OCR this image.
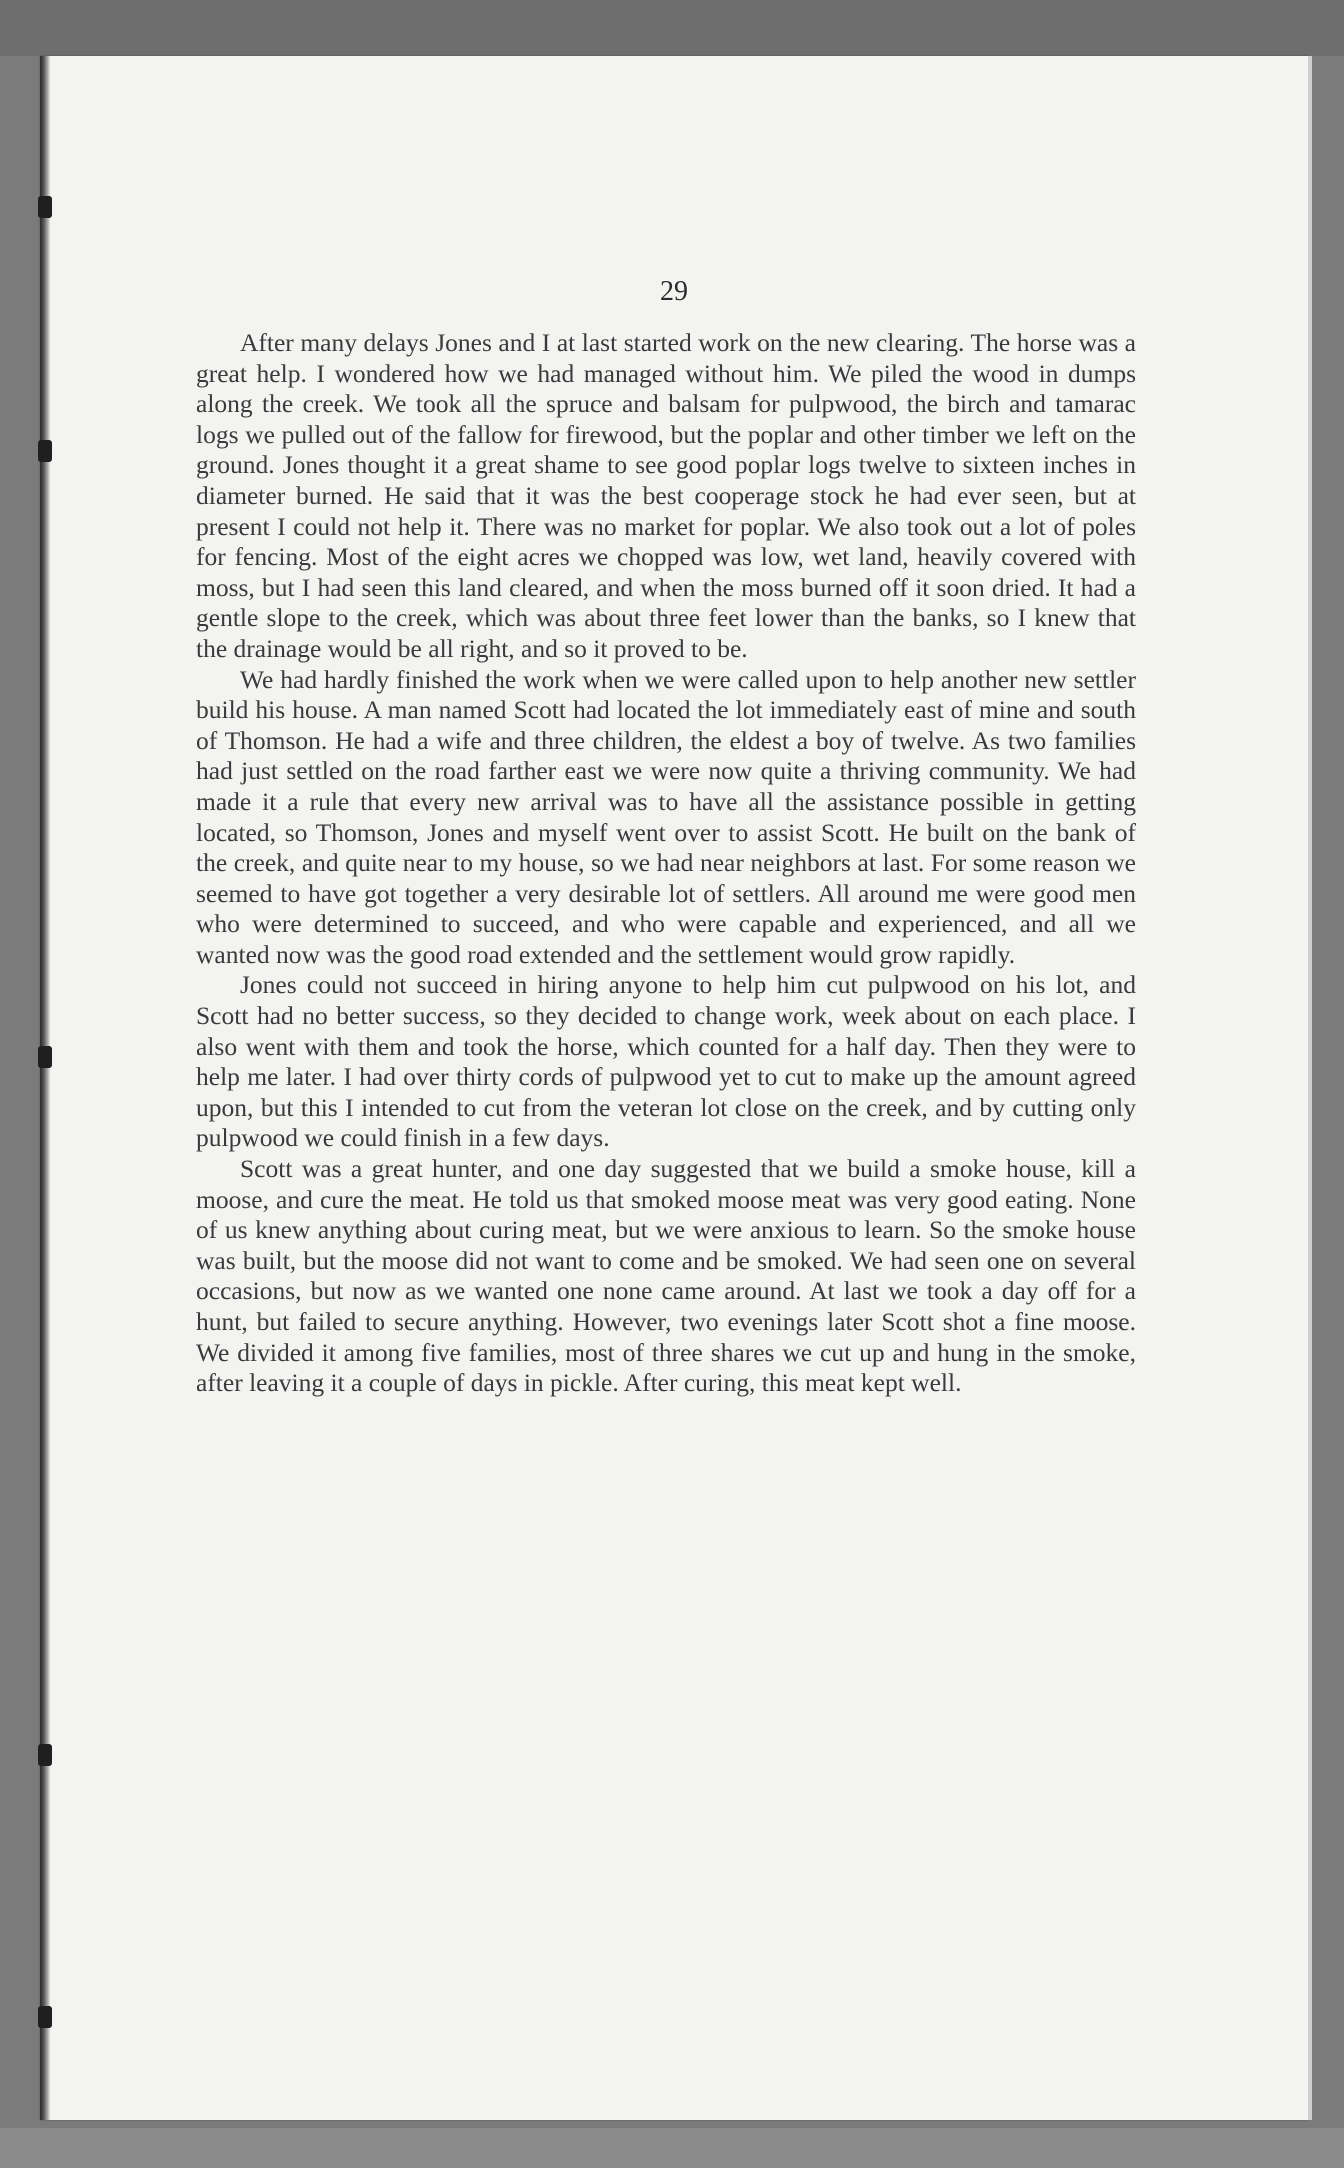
29

After many delays Jones and I at last started work on the new clearing. The horse was a great help. I wondered how we had managed without him. We piled the wood in dumps along the creek. We took all the spruce and balsam for pulpwood, the birch and tamarac logs we pulled out of the fallow for firewood, but the poplar and other timber we left on the ground. Jones thought it a great shame to see good poplar logs twelve to sixteen inches in diameter burned. He said that it was the best cooperage stock he had ever seen, but at present I could not help it. There was no market for poplar. We also took out a lot of poles for fencing. Most of the eight acres we chopped was low, wet land, heavily covered with moss, but I had seen this land cleared, and when the moss burned off it soon dried. It had a gentle slope to the creek, which was about three feet lower than the banks, so I knew that the drainage would be all right, and so it proved to be.

We had hardly finished the work when we were called upon to help another new settler build his house. A man named Scott had located the lot immediately east of mine and south of Thomson. He had a wife and three children, the eldest a boy of twelve. As two families had just settled on the road farther east we were now quite a thriving community. We had made it a rule that every new arrival was to have all the assistance possible in getting located, so Thomson, Jones and myself went over to assist Scott. He built on the bank of the creek, and quite near to my house, so we had near neighbors at last. For some reason we seemed to have got together a very desirable lot of settlers. All around me were good men who were determined to succeed, and who were capable and experienced, and all we wanted now was the good road extended and the settlement would grow rapidly.

Jones could not succeed in hiring anyone to help him cut pulpwood on his lot, and Scott had no better success, so they decided to change work, week about on each place. I also went with them and took the horse, which counted for a half day. Then they were to help me later. I had over thirty cords of pulpwood yet to cut to make up the amount agreed upon, but this I intended to cut from the veteran lot close on the creek, and by cutting only pulpwood we could finish in a few days.

Scott was a great hunter, and one day suggested that we build a smoke house, kill a moose, and cure the meat. He told us that smoked moose meat was very good eating. None of us knew anything about curing meat, but we were anxious to learn. So the smoke house was built, but the moose did not want to come and be smoked. We had seen one on several occasions, but now as we wanted one none came around. At last we took a day off for a hunt, but failed to secure anything. However, two evenings later Scott shot a fine moose. We divided it among five families, most of three shares we cut up and hung in the smoke, after leaving it a couple of days in pickle. After curing, this meat kept well.
